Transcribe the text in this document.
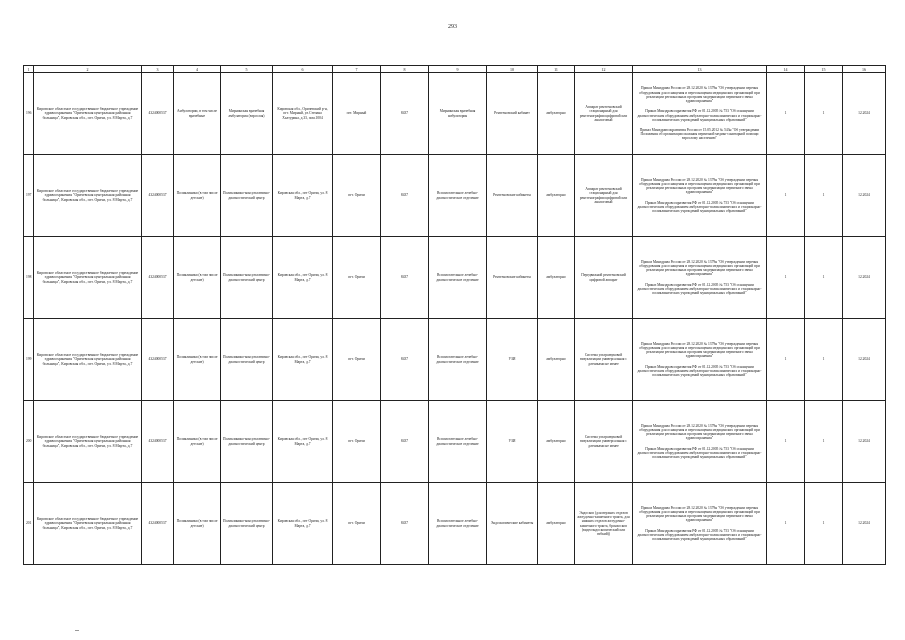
293
1	2	3	4	5	6	7	8	9	10	11	12	13	14	15	16
196	Кировское областное государственное бюджетное учреждение здравоохранения "Оричевская центральная районная больница", Кировская обл., пгт. Оричи, ул. 8 Марта, д.7	4324000537	Амбулатории, в том числе врачебные	Мирнинская врачебная амбулатория (взрослая)	Кировская обл., Оричевский р-н, пгт. Мирный, ул.Степана Халтурина, д.33, пом.1004	пгт. Мирный	8437	Мирнинская врачебная амбулатория	Рентгеновский кабинет	амбулаторно	Аппарат рентгеновский стационарный для рентгенографии цифровой или аналоговый	Приказ Минздрава России от 28.12.2020 № 1379н "Об утверждении перечня оборудования для оснащения и переоснащения медицинских организаций при реализации региональных программ модернизации первичного звена здравоохранения"
Приказ Минздравсоцразвития РФ от 01.12.2005 № 753 "Об оснащении диагностическим оборудованием амбулаторно-поликлинических и стационарно-поликлинических учреждений муниципальных образований"
Приказ Минздравсоцразвития России от 15.05.2012 № 543н "Об утверждении Положения об организации оказания первичной медико-санитарной помощи взрослому населению"	1	1	12.2024
197	Кировское областное государственное бюджетное учреждение здравоохранения "Оричевская центральная районная больница", Кировская обл., пгт. Оричи, ул. 8 Марта, д.7	4324000537	Поликлиники (в том числе детские)	Поликлинико-консультативно-диагностический центр	Кировская обл., пгт Оричи, ул. 8 Марта, д.7	пгт. Оричи	8437	Вспомогательное лечебно-диагностическое отделение	Рентгеновские кабинеты	амбулаторно	Аппарат рентгеновский стационарный для рентгенографии цифровой или аналоговый	Приказ Минздрава России от 28.12.2020 № 1379н "Об утверждении перечня оборудования для оснащения и переоснащения медицинских организаций при реализации региональных программ модернизации первичного звена здравоохранения"
Приказ Минздравсоцразвития РФ от 01.12.2005 № 753 "Об оснащении диагностическим оборудованием амбулаторно-поликлинических и стационарно-поликлинических учреждений муниципальных образований"	1	1	12.2024
198	Кировское областное государственное бюджетное учреждение здравоохранения "Оричевская центральная районная больница", Кировская обл., пгт. Оричи, ул. 8 Марта, д.7	4324000537	Поликлиники (в том числе детские)	Поликлинико-консультативно-диагностический центр	Кировская обл., пгт Оричи, ул. 8 Марта, д.7	пгт. Оричи	8437	Вспомогательное лечебно-диагностическое отделение	Рентгеновские кабинеты	амбулаторно	Передвижной рентгеновский цифровой аппарат	Приказ Минздрава России от 28.12.2020 № 1379н "Об утверждении перечня оборудования для оснащения и переоснащения медицинских организаций при реализации региональных программ модернизации первичного звена здравоохранения"
Приказ Минздравсоцразвития РФ от 01.12.2005 № 753 "Об оснащении диагностическим оборудованием амбулаторно-поликлинических и стационарно-поликлинических учреждений муниципальных образований"	1	1	12.2024
199	Кировское областное государственное бюджетное учреждение здравоохранения "Оричевская центральная районная больница", Кировская обл., пгт. Оричи, ул. 8 Марта, д.7	4324000537	Поликлиники (в том числе детские)	Поликлинико-консультативно-диагностический центр	Кировская обл., пгт Оричи, ул. 8 Марта, д.7	пгт. Оричи	8437	Вспомогательное лечебно-диагностическое отделение	УЗИ	амбулаторно	Система ультразвуковой визуализации универсальная с датчиками не менее	Приказ Минздрава России от 28.12.2020 № 1379н "Об утверждении перечня оборудования для оснащения и переоснащения медицинских организаций при реализации региональных программ модернизации первичного звена здравоохранения"
Приказ Минздравсоцразвития РФ от 01.12.2005 № 753 "Об оснащении диагностическим оборудованием амбулаторно-поликлинических и стационарно-поликлинических учреждений муниципальных образований"	1	1	12.2024
200	Кировское областное государственное бюджетное учреждение здравоохранения "Оричевская центральная районная больница", Кировская обл., пгт. Оричи, ул. 8 Марта, д.7	4324000537	Поликлиники (в том числе детские)	Поликлинико-консультативно-диагностический центр	Кировская обл., пгт Оричи, ул. 8 Марта, д.7	пгт. Оричи	8437	Вспомогательное лечебно-диагностическое отделение	УЗИ	амбулаторно	Система ультразвуковой визуализации универсальная с датчиками не менее	Приказ Минздрава России от 28.12.2020 № 1379н "Об утверждении перечня оборудования для оснащения и переоснащения медицинских организаций при реализации региональных программ модернизации первичного звена здравоохранения"
Приказ Минздравсоцразвития РФ от 01.12.2005 № 753 "Об оснащении диагностическим оборудованием амбулаторно-поликлинических и стационарно-поликлинических учреждений муниципальных образований"	1	1	12.2024
201	Кировское областное государственное бюджетное учреждение здравоохранения "Оричевская центральная районная больница", Кировская обл., пгт. Оричи, ул. 8 Марта, д.7	4324000537	Поликлиники (в том числе детские)	Поликлинико-консультативно-диагностический центр	Кировская обл., пгт Оричи, ул. 8 Марта, д.7	пгт. Оричи	8437	Вспомогательное лечебно-диагностическое отделение	Эндоскопические кабинеты	амбулаторно	Эндоскоп (для верхних отделов желудочно-кишечного тракта, для нижних отделов желудочно-кишечного тракта, бронхоскоп (видеоэндоскопический или гибкий))	Приказ Минздрава России от 28.12.2020 № 1379н "Об утверждении перечня оборудования для оснащения и переоснащения медицинских организаций при реализации региональных программ модернизации первичного звена здравоохранения"
Приказ Минздравсоцразвития РФ от 01.12.2005 № 753 "Об оснащении диагностическим оборудованием амбулаторно-поликлинических и стационарно-поликлинических учреждений муниципальных образований"	1	1	12.2024
